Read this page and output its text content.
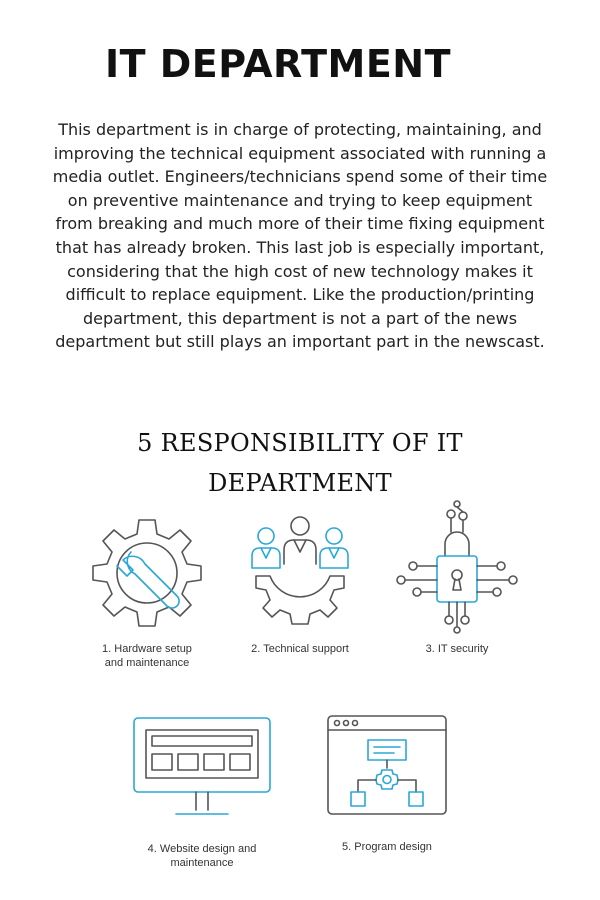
IT DEPARTMENT

This department is in charge of protecting, maintaining, and improving the technical equipment associated with running a media outlet. Engineers/technicians spend some of their time on preventive maintenance and trying to keep equipment from breaking and much more of their time fixing equipment that has already broken. This last job is especially important, considering that the high cost of new technology makes it difficult to replace equipment. Like the production/printing department, this department is not a part of the news department but still plays an important part in the newscast.

5 RESPONSIBILITY OF IT
DEPARTMENT
1. Hardware setup
and maintenance
2. Technical support	3. IT security
4. Website design and
maintenance
5. Program design
